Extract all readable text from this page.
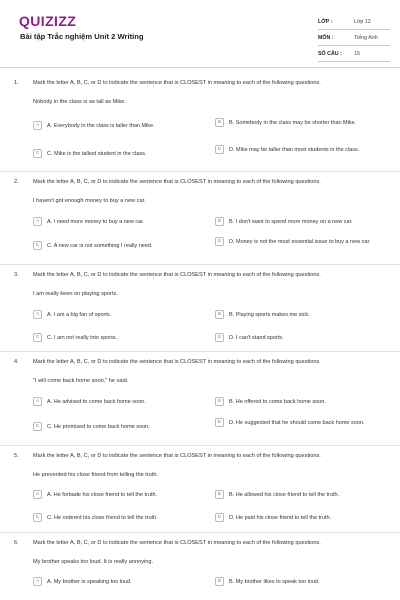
QUIZIZZ
Bài tập Trắc nghiệm Unit 2 Writing
LỚP :	Lớp 12
MÔN :	Tiếng Anh
SỐ CÂU :	15
1.	Mark the letter A, B, C, or D to indicate the sentence that is CLOSEST in meaning to each of the following questions.
Nobody in the class is as tall as Mike.
A	A. Everybody in the class is taller than Mike.	B	B. Somebody in the class may be shorter than Mike.
C	C. Mike is the tallest student in the class.
D	D. Mike may be taller than most students in the class.
2.	Mark the letter A, B, C, or D to indicate the sentence that is CLOSEST in meaning to each of the following questions.
I haven't got enough money to buy a new car.
A	A. I need more money to buy a new car.	B	B. I don't want to spend more money on a new car.
C	C. A new car is not something I really need.
D	D. Money is not the most essential issue to buy a new car.
3.	Mark the letter A, B, C, or D to indicate the sentence that is CLOSEST in meaning to each of the following questions.
I am really keen on playing sports.
A	A. I am a big fan of sports.	B	B. Playing sports makes me sick.
C	C. I am not really into sports.	D	D. I can't stand sports.
4.	Mark the letter A, B, C, or D to indicate the sentence that is CLOSEST in meaning to each of the following questions.
"I will come back home soon," he said.
A	A. He advised to come back home soon.	B	B. He offered to come back home soon.
C	C. He promised to come back home soon.
D	D. He suggested that he should come back home soon.
5.	Mark the letter A, B, C, or D to indicate the sentence that is CLOSEST in meaning to each of the following questions.
He prevented his close friend from telling the truth.
A	A. He forbade his close friend to tell the truth.	B	B. He allowed his close friend to tell the truth.
C	C. He ordered his close friend to tell the truth.	D	D. He paid his close friend to tell the truth.
6.	Mark the letter A, B, C, or D to indicate the sentence that is CLOSEST in meaning to each of the following questions.
My brother speaks too loud. It is really annoying.
A	A. My brother is speaking too loud.	B	B. My brother likes to speak too loud.
